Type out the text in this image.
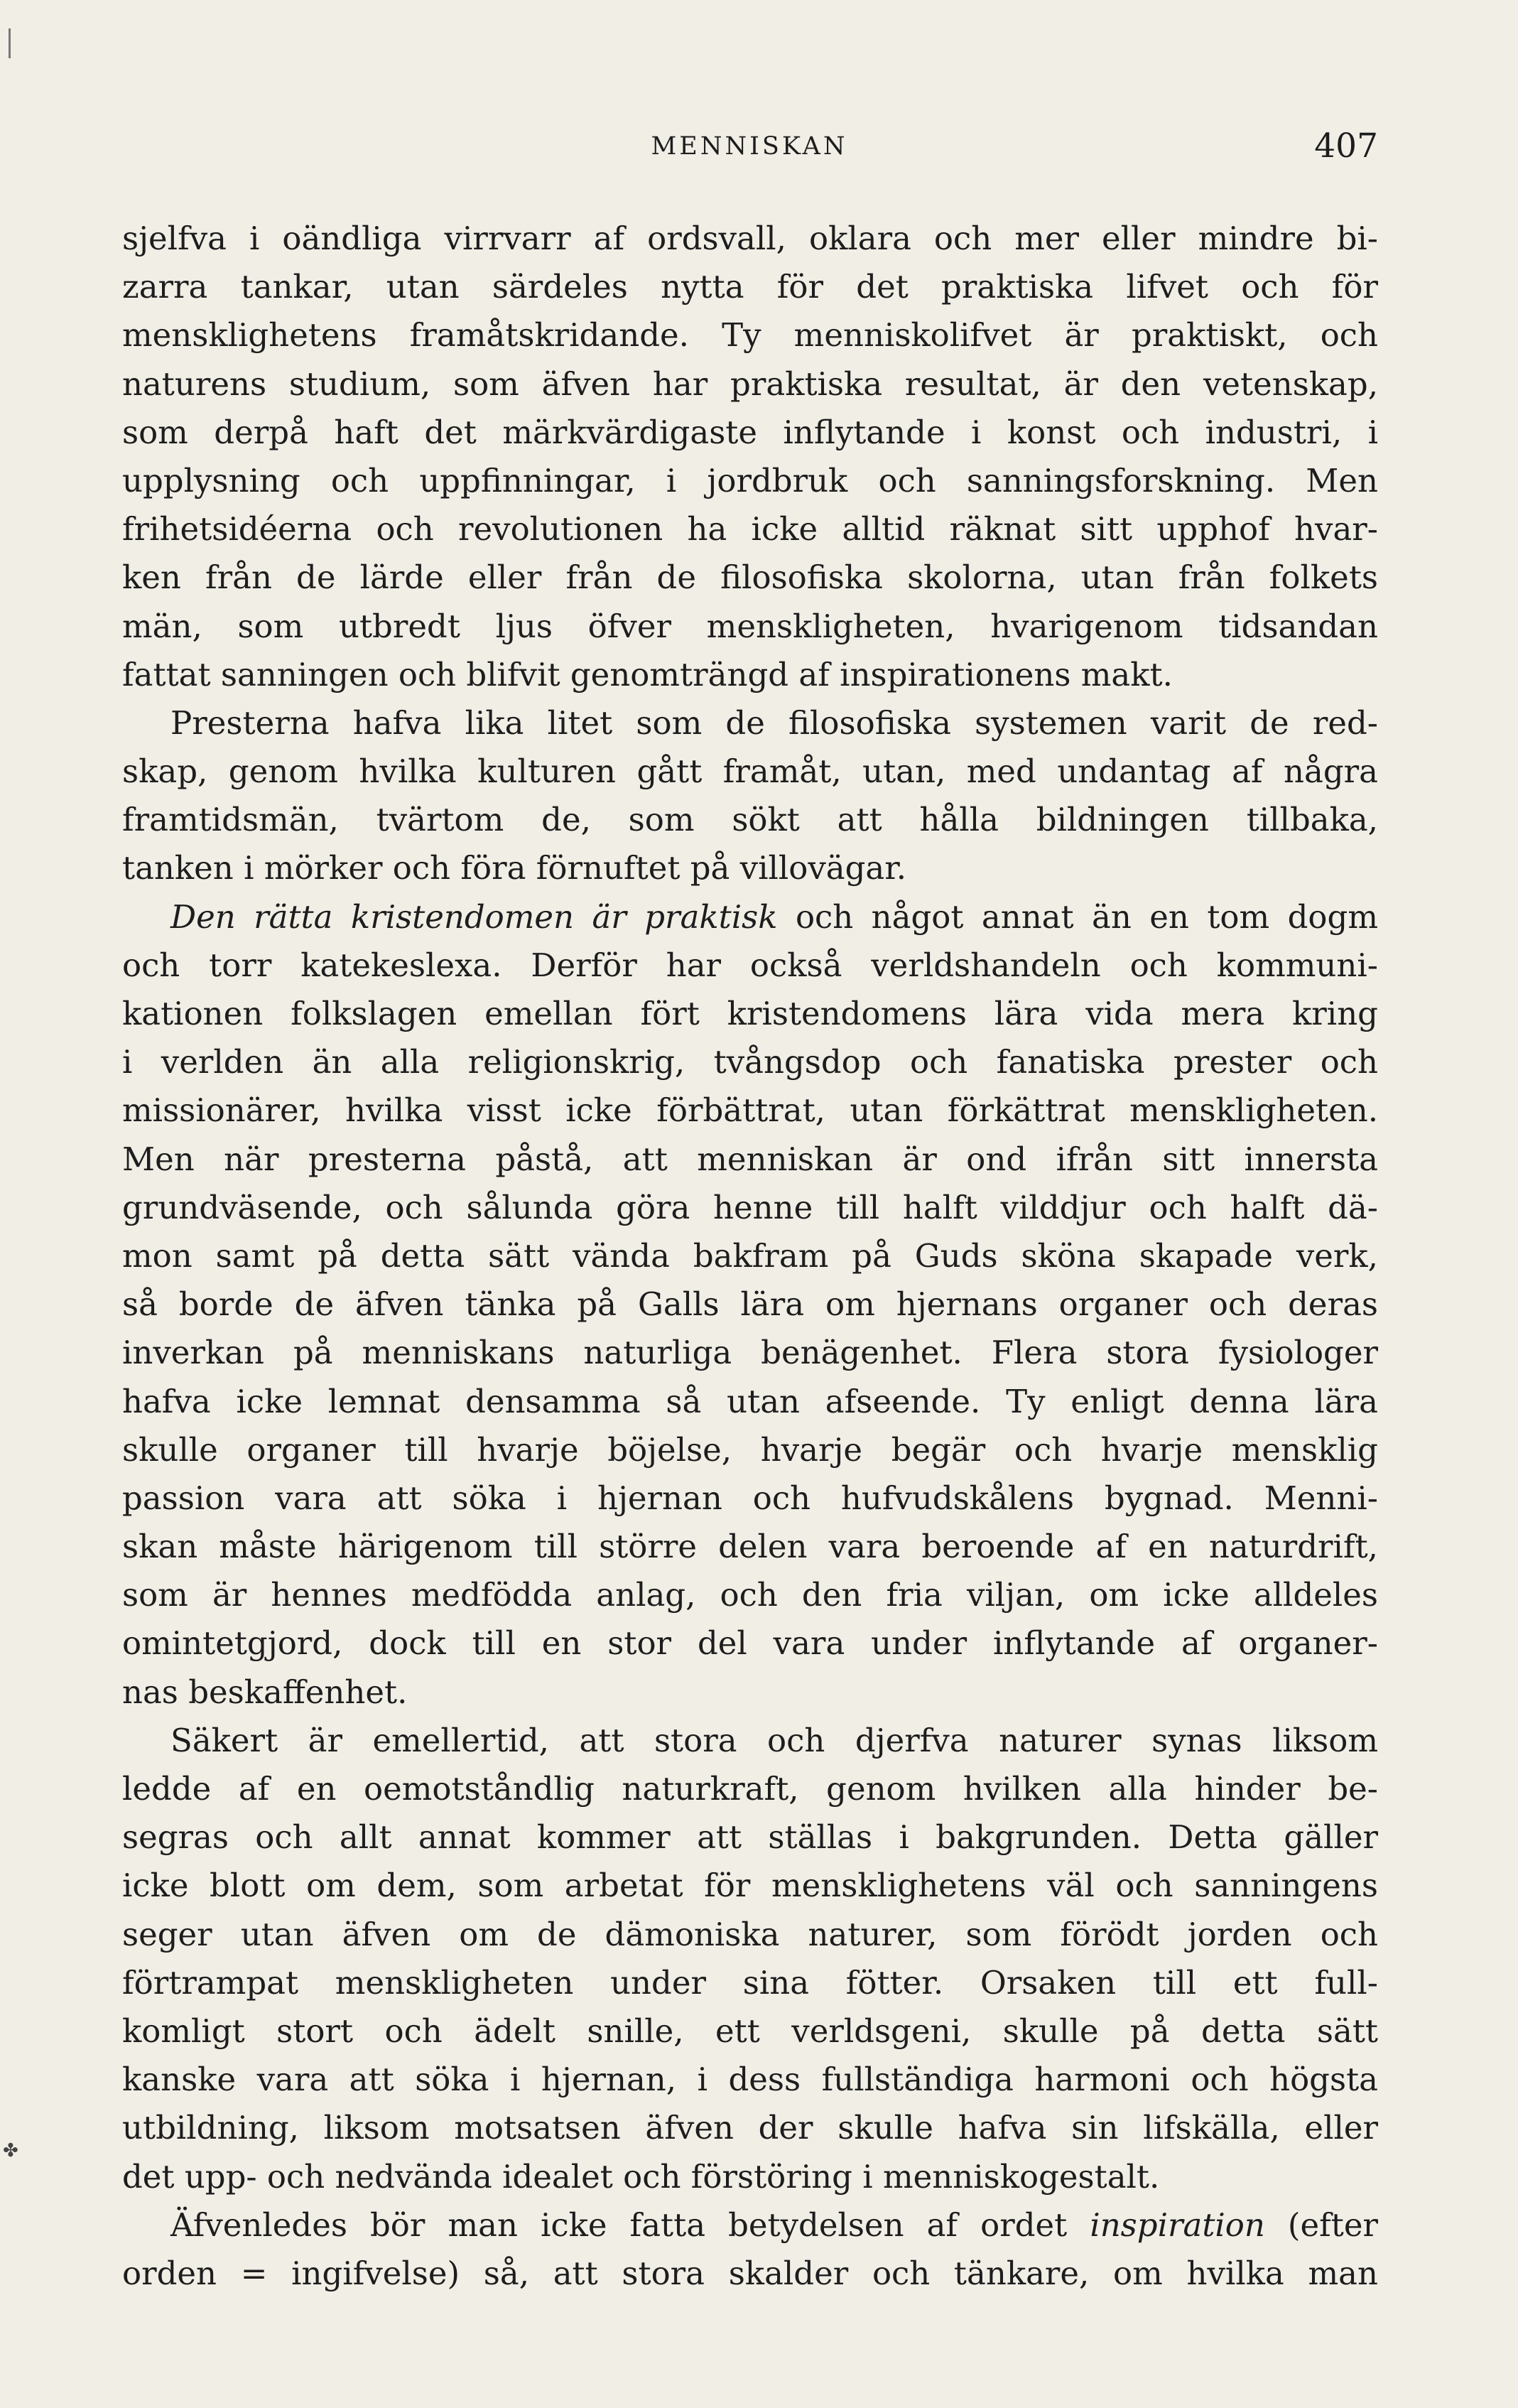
MENNISKAN	407
✤
sjelfva i oändliga virrvarr af ordsvall, oklara och mer eller mindre bi-
zarra tankar, utan särdeles nytta för det praktiska lifvet och för
mensklighetens framåtskridande. Ty menniskolifvet är praktiskt, och
naturens studium, som äfven har praktiska resultat, är den vetenskap,
som derpå haft det märkvärdigaste inflytande i konst och industri, i
upplysning och uppfinningar, i jordbruk och sanningsforskning. Men
frihetsidéerna och revolutionen ha icke alltid räknat sitt upphof hvar-
ken från de lärde eller från de filosofiska skolorna, utan från folkets
män, som utbredt ljus öfver menskligheten, hvarigenom tidsandan
fattat sanningen och blifvit genomträngd af inspirationens makt.
Presterna hafva lika litet som de filosofiska systemen varit de red-
skap, genom hvilka kulturen gått framåt, utan, med undantag af några
framtidsmän, tvärtom de, som sökt att hålla bildningen tillbaka,
tanken i mörker och föra förnuftet på villovägar.
Den rätta kristendomen är praktisk och något annat än en tom dogm
och torr katekeslexa. Derför har också verldshandeln och kommuni-
kationen folkslagen emellan fört kristendomens lära vida mera kring
i verlden än alla religionskrig, tvångsdop och fanatiska prester och
missionärer, hvilka visst icke förbättrat, utan förkättrat menskligheten.
Men när presterna påstå, att menniskan är ond ifrån sitt innersta
grundväsende, och sålunda göra henne till halft vilddjur och halft dä-
mon samt på detta sätt vända bakfram på Guds sköna skapade verk,
så borde de äfven tänka på Galls lära om hjernans organer och deras
inverkan på menniskans naturliga benägenhet. Flera stora fysiologer
hafva icke lemnat densamma så utan afseende. Ty enligt denna lära
skulle organer till hvarje böjelse, hvarje begär och hvarje mensklig
passion vara att söka i hjernan och hufvudskålens bygnad. Menni-
skan måste härigenom till större delen vara beroende af en naturdrift,
som är hennes medfödda anlag, och den fria viljan, om icke alldeles
omintetgjord, dock till en stor del vara under inflytande af organer-
nas beskaffenhet.
Säkert är emellertid, att stora och djerfva naturer synas liksom
ledde af en oemotståndlig naturkraft, genom hvilken alla hinder be-
segras och allt annat kommer att ställas i bakgrunden. Detta gäller
icke blott om dem, som arbetat för mensklighetens väl och sanningens
seger utan äfven om de dämoniska naturer, som förödt jorden och
förtrampat menskligheten under sina fötter. Orsaken till ett full-
komligt stort och ädelt snille, ett verldsgeni, skulle på detta sätt
kanske vara att söka i hjernan, i dess fullständiga harmoni och högsta
utbildning, liksom motsatsen äfven der skulle hafva sin lifskälla, eller
det upp- och nedvända idealet och förstöring i menniskogestalt.
Äfvenledes bör man icke fatta betydelsen af ordet inspiration (efter
orden = ingifvelse) så, att stora skalder och tänkare, om hvilka man
